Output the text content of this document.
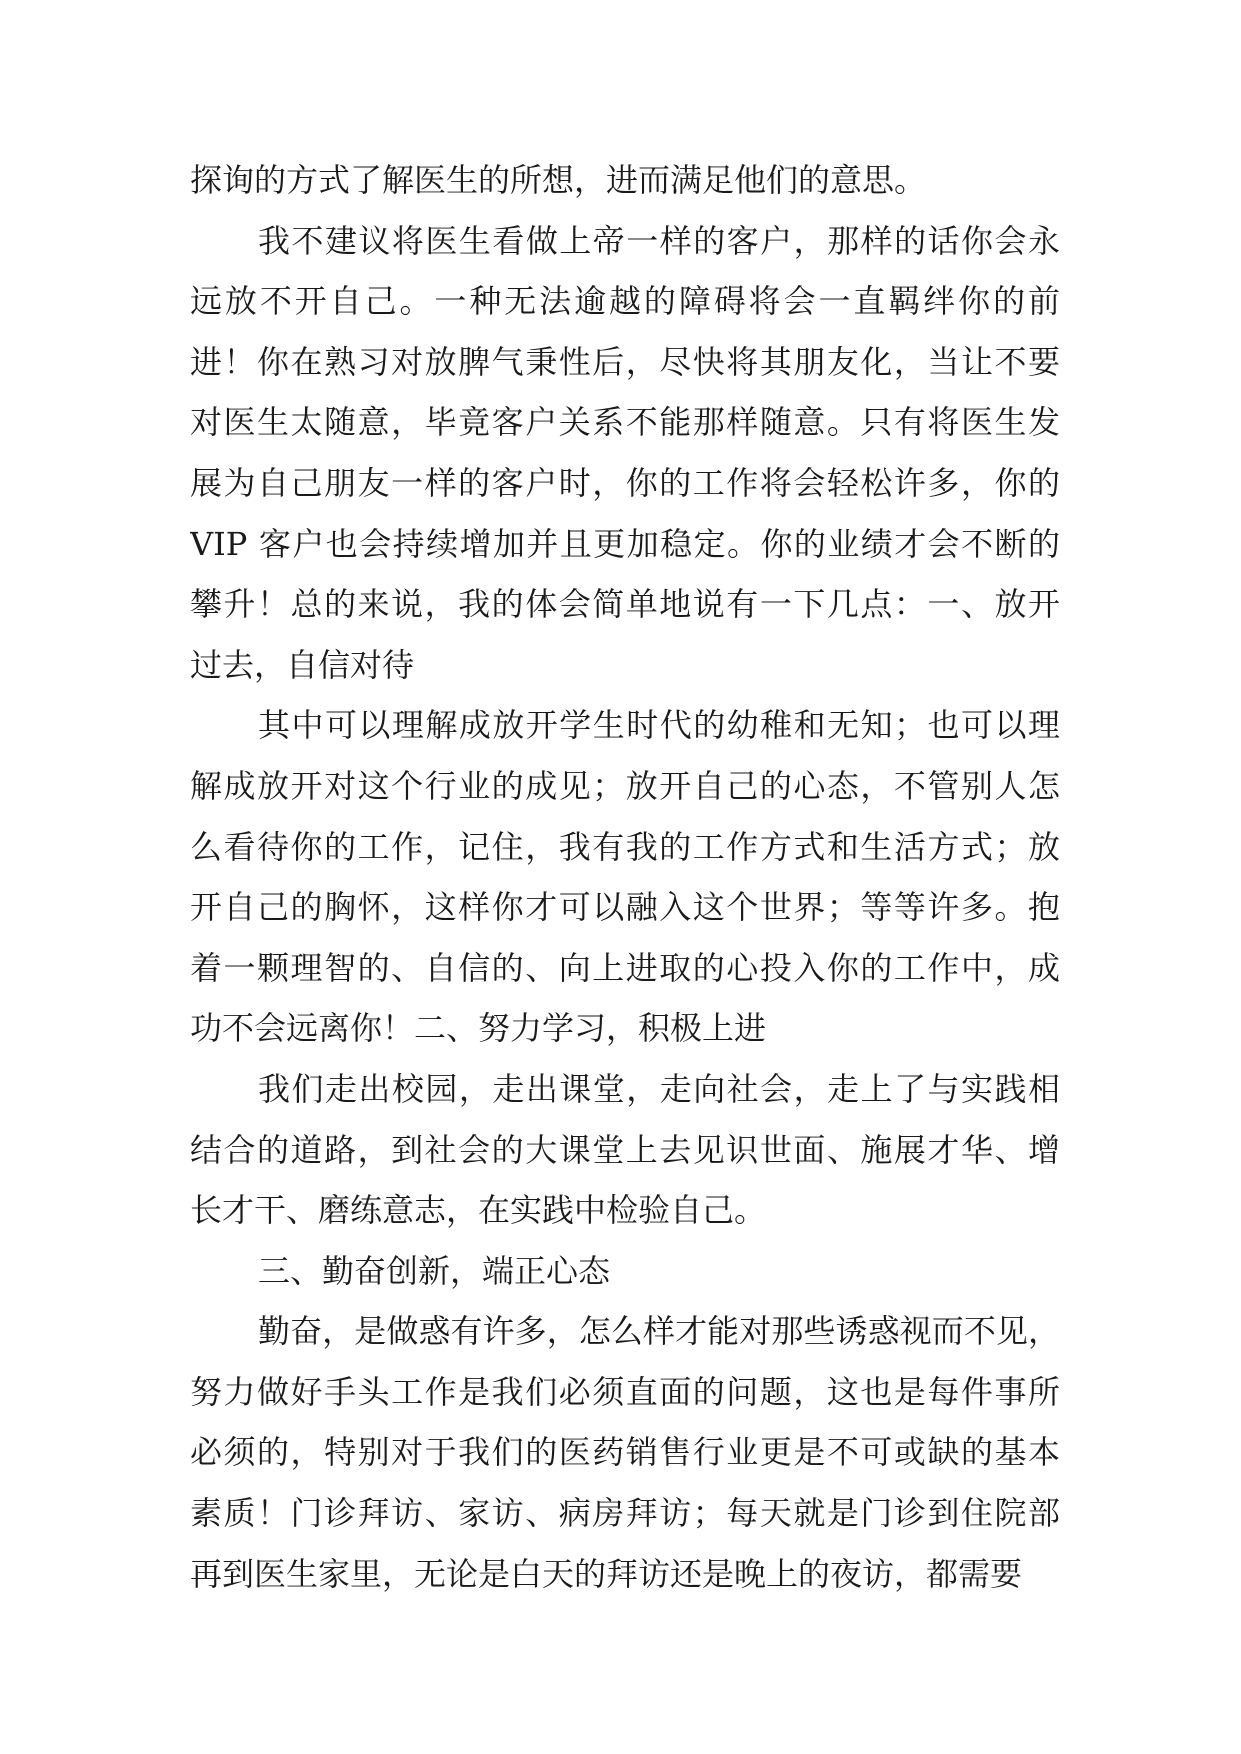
探询的方式了解医生的所想，进而满足他们的意思。
我不建议将医生看做上帝一样的客户，那样的话你会永
远放不开自己。一种无法逾越的障碍将会一直羁绊你的前
进！你在熟习对放脾气秉性后，尽快将其朋友化，当让不要
对医生太随意，毕竟客户关系不能那样随意。只有将医生发
展为自己朋友一样的客户时，你的工作将会轻松许多，你的
VIP 客户也会持续增加并且更加稳定。你的业绩才会不断的
攀升！总的来说，我的体会简单地说有一下几点：一、放开
过去，自信对待
其中可以理解成放开学生时代的幼稚和无知；也可以理
解成放开对这个行业的成见；放开自己的心态，不管别人怎
么看待你的工作，记住，我有我的工作方式和生活方式；放
开自己的胸怀，这样你才可以融入这个世界；等等许多。抱
着一颗理智的、自信的、向上进取的心投入你的工作中，成
功不会远离你！二、努力学习，积极上进
我们走出校园，走出课堂，走向社会，走上了与实践相
结合的道路，到社会的大课堂上去见识世面、施展才华、增
长才干、磨练意志，在实践中检验自己。
三、勤奋创新，端正心态
勤奋，是做惑有许多，怎么样才能对那些诱惑视而不见，
努力做好手头工作是我们必须直面的问题，这也是每件事所
必须的，特别对于我们的医药销售行业更是不可或缺的基本
素质！门诊拜访、家访、病房拜访；每天就是门诊到住院部
再到医生家里，无论是白天的拜访还是晚上的夜访，都需要
